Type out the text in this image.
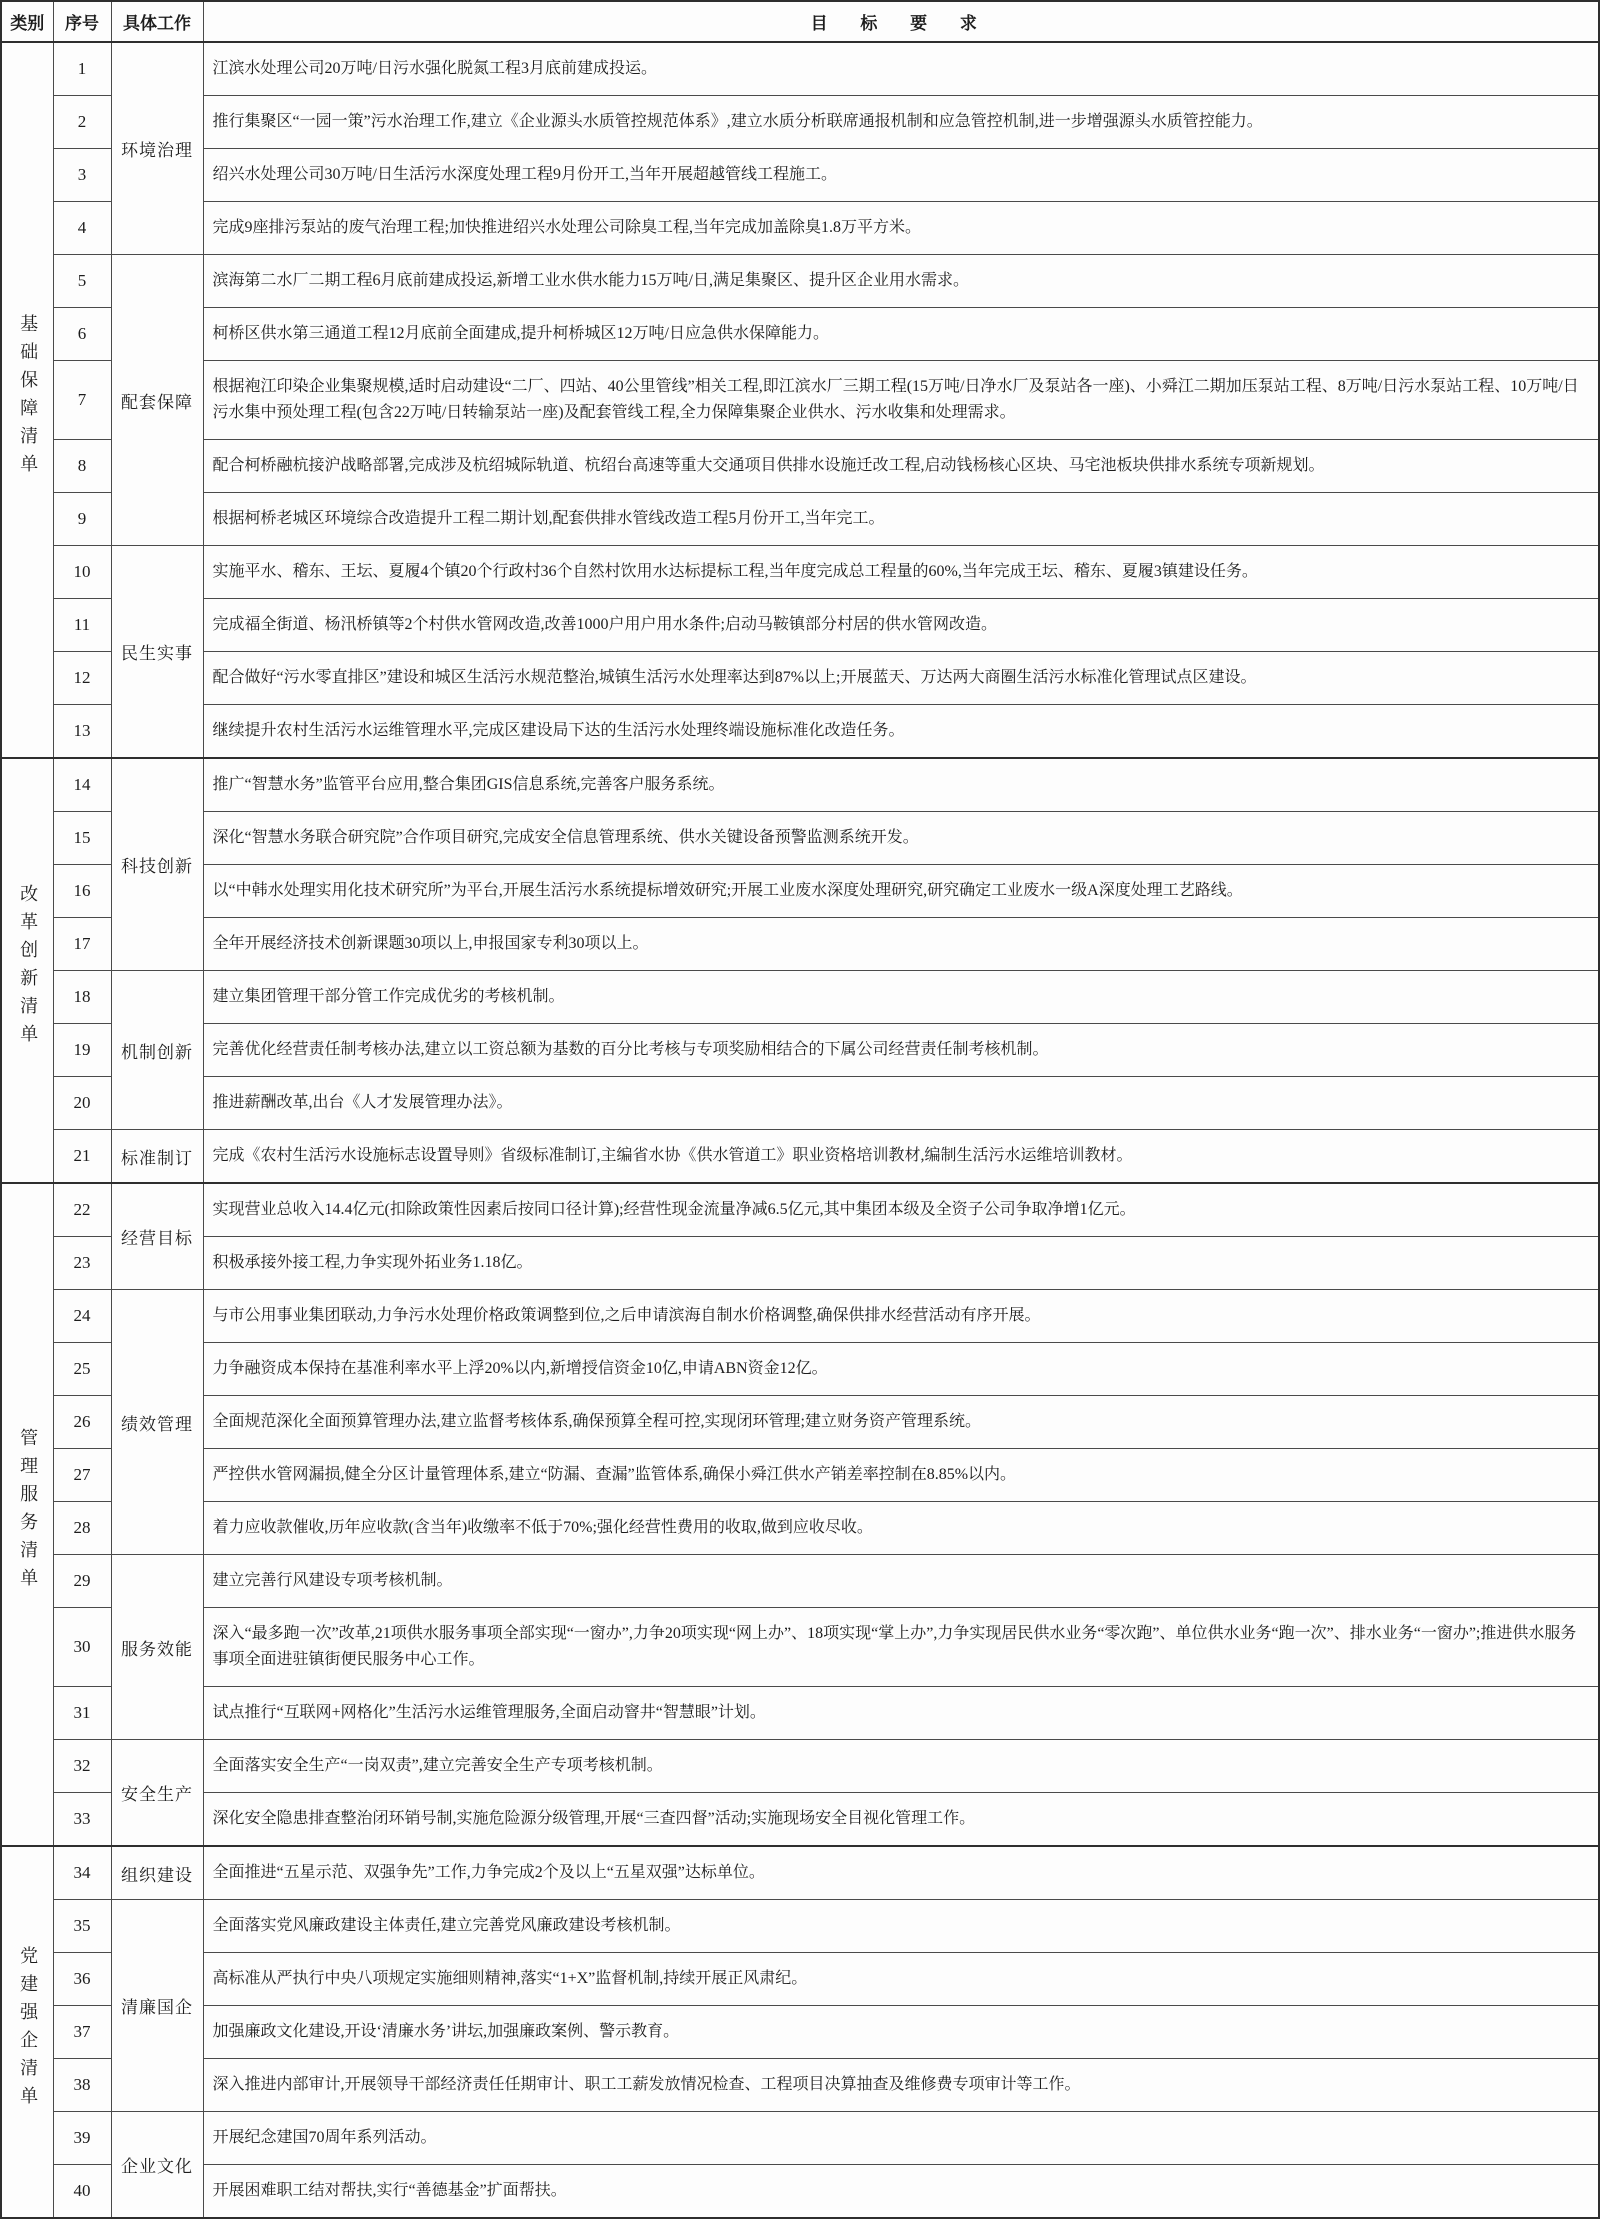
类别	序号	具体工作	目 标 要 求
基础保障清单	1	环境治理	江滨水处理公司20万吨/日污水强化脱氮工程3月底前建成投运。
	2		推行集聚区“一园一策”污水治理工作,建立《企业源头水质管控规范体系》,建立水质分析联席通报机制和应急管控机制,进一步增强源头水质管控能力。
	3		绍兴水处理公司30万吨/日生活污水深度处理工程9月份开工,当年开展超越管线工程施工。
	4		完成9座排污泵站的废气治理工程;加快推进绍兴水处理公司除臭工程,当年完成加盖除臭1.8万平方米。
	5	配套保障	滨海第二水厂二期工程6月底前建成投运,新增工业水供水能力15万吨/日,满足集聚区、提升区企业用水需求。
	6		柯桥区供水第三通道工程12月底前全面建成,提升柯桥城区12万吨/日应急供水保障能力。
	7		根据袍江印染企业集聚规模,适时启动建设“二厂、四站、40公里管线”相关工程,即江滨水厂三期工程(15万吨/日净水厂及泵站各一座)、小舜江二期加压泵站工程、8万吨/日污水泵站工程、10万吨/日污水集中预处理工程(包含22万吨/日转输泵站一座)及配套管线工程,全力保障集聚企业供水、污水收集和处理需求。
	8		配合柯桥融杭接沪战略部署,完成涉及杭绍城际轨道、杭绍台高速等重大交通项目供排水设施迁改工程,启动钱杨核心区块、马宅池板块供排水系统专项新规划。
	9		根据柯桥老城区环境综合改造提升工程二期计划,配套供排水管线改造工程5月份开工,当年完工。
	10	民生实事	实施平水、稽东、王坛、夏履4个镇20个行政村36个自然村饮用水达标提标工程,当年度完成总工程量的60%,当年完成王坛、稽东、夏履3镇建设任务。
	11		完成福全街道、杨汛桥镇等2个村供水管网改造,改善1000户用户用水条件;启动马鞍镇部分村居的供水管网改造。
	12		配合做好“污水零直排区”建设和城区生活污水规范整治,城镇生活污水处理率达到87%以上;开展蓝天、万达两大商圈生活污水标准化管理试点区建设。
	13		继续提升农村生活污水运维管理水平,完成区建设局下达的生活污水处理终端设施标准化改造任务。
改革创新清单	14	科技创新	推广“智慧水务”监管平台应用,整合集团GIS信息系统,完善客户服务系统。
	15		深化“智慧水务联合研究院”合作项目研究,完成安全信息管理系统、供水关键设备预警监测系统开发。
	16		以“中韩水处理实用化技术研究所”为平台,开展生活污水系统提标增效研究;开展工业废水深度处理研究,研究确定工业废水一级A深度处理工艺路线。
	17		全年开展经济技术创新课题30项以上,申报国家专利30项以上。
	18	机制创新	建立集团管理干部分管工作完成优劣的考核机制。
	19		完善优化经营责任制考核办法,建立以工资总额为基数的百分比考核与专项奖励相结合的下属公司经营责任制考核机制。
	20		推进薪酬改革,出台《人才发展管理办法》。
	21	标准制订	完成《农村生活污水设施标志设置导则》省级标准制订,主编省水协《供水管道工》职业资格培训教材,编制生活污水运维培训教材。
管理服务清单	22	经营目标	实现营业总收入14.4亿元(扣除政策性因素后按同口径计算);经营性现金流量净减6.5亿元,其中集团本级及全资子公司争取净增1亿元。
	23		积极承接外接工程,力争实现外拓业务1.18亿。
	24	绩效管理	与市公用事业集团联动,力争污水处理价格政策调整到位,之后申请滨海自制水价格调整,确保供排水经营活动有序开展。
	25		力争融资成本保持在基准利率水平上浮20%以内,新增授信资金10亿,申请ABN资金12亿。
	26		全面规范深化全面预算管理办法,建立监督考核体系,确保预算全程可控,实现闭环管理;建立财务资产管理系统。
	27		严控供水管网漏损,健全分区计量管理体系,建立“防漏、查漏”监管体系,确保小舜江供水产销差率控制在8.85%以内。
	28		着力应收款催收,历年应收款(含当年)收缴率不低于70%;强化经营性费用的收取,做到应收尽收。
	29	服务效能	建立完善行风建设专项考核机制。
	30		深入“最多跑一次”改革,21项供水服务事项全部实现“一窗办”,力争20项实现“网上办”、18项实现“掌上办”,力争实现居民供水业务“零次跑”、单位供水业务“跑一次”、排水业务“一窗办”;推进供水服务事项全面进驻镇街便民服务中心工作。
	31		试点推行“互联网+网格化”生活污水运维管理服务,全面启动窨井“智慧眼”计划。
	32	安全生产	全面落实安全生产“一岗双责”,建立完善安全生产专项考核机制。
	33		深化安全隐患排查整治闭环销号制,实施危险源分级管理,开展“三查四督”活动;实施现场安全目视化管理工作。
党建强企清单	34	组织建设	全面推进“五星示范、双强争先”工作,力争完成2个及以上“五星双强”达标单位。
	35	清廉国企	全面落实党风廉政建设主体责任,建立完善党风廉政建设考核机制。
	36		高标准从严执行中央八项规定实施细则精神,落实“1+X”监督机制,持续开展正风肃纪。
	37		加强廉政文化建设,开设‘清廉水务’讲坛,加强廉政案例、警示教育。
	38		深入推进内部审计,开展领导干部经济责任任期审计、职工工薪发放情况检查、工程项目决算抽查及维修费专项审计等工作。
	39	企业文化	开展纪念建国70周年系列活动。
	40		开展困难职工结对帮扶,实行“善德基金”扩面帮扶。
